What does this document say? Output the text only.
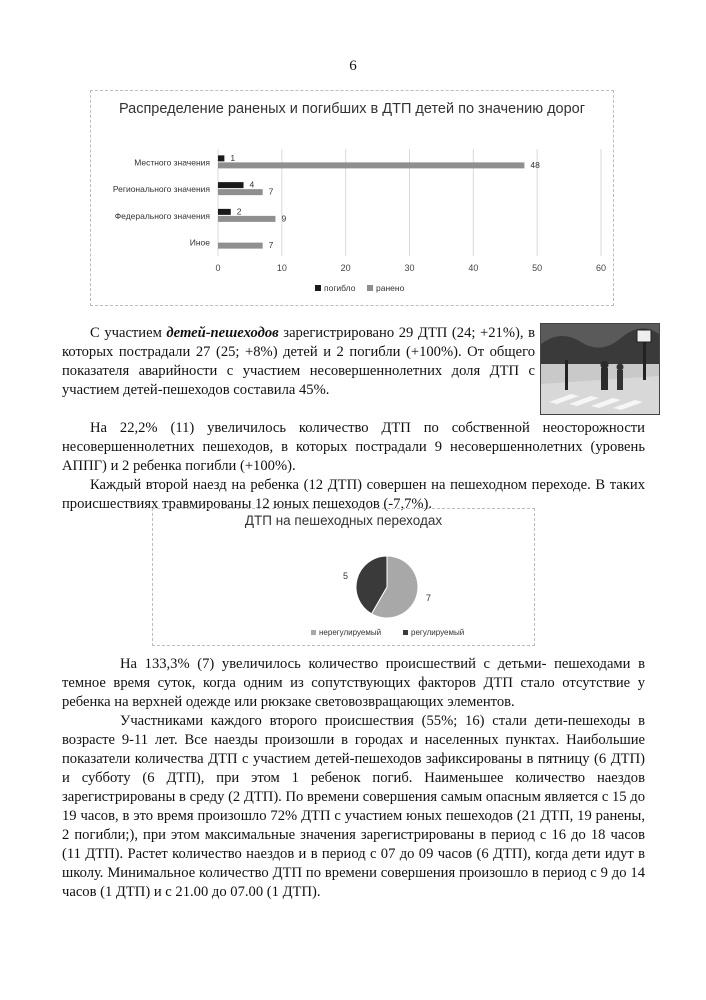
6
Распределение раненых и погибших в ДТП детей по значению дорог
0	10	20	30	40	50	60
Местного значения 1
48
Регионального значения	4
7
Федерального значения	2
9
Иное	7
погибло ранено

С участием детей-пешеходов зарегистрировано 29 ДТП (24; +21%), в которых пострадали 27 (25; +8%) детей и 2 погибли (+100%). От общего показателя аварийности с участием несовершеннолетних доля ДТП с участием детей-пешеходов составила 45%.

На 22,2% (11) увеличилось количество ДТП по собственной неосторожности несовершеннолетних пешеходов, в которых пострадали 9 несовершеннолетних (уровень АППГ) и 2 ребенка погибли (+100%).

Каждый второй наезд на ребенка (12 ДТП) совершен на пешеходном переходе. В таких происшествиях травмированы 12 юных пешеходов (-7,7%).

ДТП на пешеходных переходах
7
5
нерегулируемый	регулируемый

На 133,3% (7) увеличилось количество происшествий с детьми- пешеходами в темное время суток, когда одним из сопутствующих факторов ДТП стало отсутствие у ребенка на верхней одежде или рюкзаке световозвращающих элементов.

Участниками каждого второго происшествия (55%; 16) стали дети-пешеходы в возрасте 9-11 лет. Все наезды произошли в городах и населенных пунктах. Наибольшие показатели количества ДТП с участием детей-пешеходов зафиксированы в пятницу (6 ДТП) и субботу (6 ДТП), при этом 1 ребенок погиб. Наименьшее количество наездов зарегистрированы в среду (2 ДТП). По времени совершения самым опасным является с 15 до 19 часов, в это время произошло 72% ДТП с участием юных пешеходов (21 ДТП, 19 ранены, 2 погибли;), при этом максимальные значения зарегистрированы в период с 16 до 18 часов (11 ДТП). Растет количество наездов и в период с 07 до 09 часов (6 ДТП), когда дети идут в школу. Минимальное количество ДТП по времени совершения произошло в период с 9 до 14 часов (1 ДТП) и с 21.00 до 07.00 (1 ДТП).
